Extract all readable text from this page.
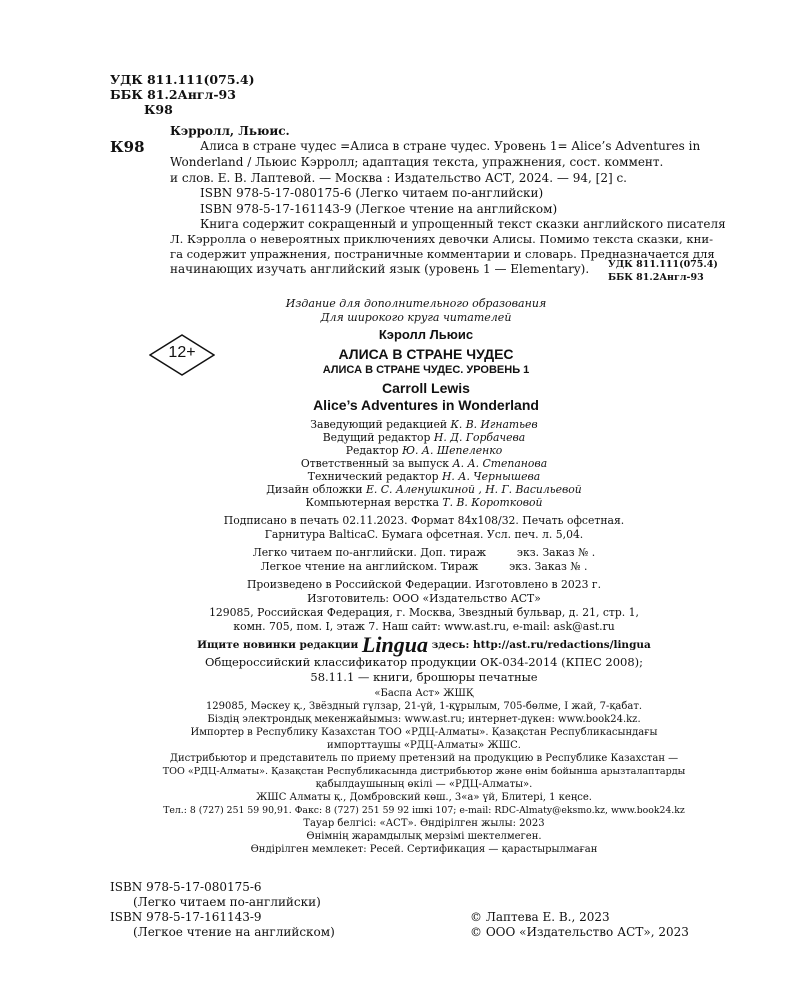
УДК 811.111(075.4)
ББК 81.2Англ-93
К98
К98
Кэрролл, Льюис.
Алиса в стране чудес =Алиса в стране чудес. Уровень 1= Alice’s Adventures in
Wonderland / Льюис Кэрролл; адаптация текста, упражнения, сост. коммент.
и слов. Е. В. Лаптевой. — Москва : Издательство АСТ, 2024. — 94, [2] с.
ISBN 978-5-17-080175-6 (Легко читаем по-английски)
ISBN 978-5-17-161143-9 (Легкое чтение на английском)
Книга содержит сокращенный и упрощенный текст сказки английского писателя
Л. Кэрролла о невероятных приключениях девочки Алисы. Помимо текста сказки, кни-
га содержит упражнения, постраничные комментарии и словарь. Предназначается для
начинающих изучать английский язык (уровень 1 — Elementary). УДК 811.111(075.4)
ББК 81.2Англ-93
Издание для дополнительного образования
Для широкого круга читателей
12+
Кэролл Льюис
АЛИСА В СТРАНЕ ЧУДЕС
АЛИСА В СТРАНЕ ЧУДЕС. УРОВЕНЬ 1
Carroll Lewis
Alice’s Adventures in Wonderland
Заведующий редакцией К. В. Игнатьев
Ведущий редактор Н. Д. Горбачева
Редактор Ю. А. Шепеленко
Ответственный за выпуск А. А. Степанова
Технический редактор Н. А. Чернышева
Дизайн обложки Е. С. Аленушкиной , Н. Г. Васильевой
Компьютерная верстка Т. В. Коротковой
Подписано в печать 02.11.2023. Формат 84х108/32. Печать офсетная.
Гарнитура BalticaC. Бумага офсетная. Усл. печ. л. 5,04.
Легко читаем по-английски. Доп. тираж         экз. Заказ № .
Легкое чтение на английском. Тираж         экз. Заказ № .
Произведено в Российской Федерации. Изготовлено в 2023 г.
Изготовитель: ООО «Издательство АСТ»
129085, Российская Федерация, г. Москва, Звездный бульвар, д. 21, стр. 1,
комн. 705, пом. I, этаж 7. Наш сайт: www.ast.ru, e-mail: ask@ast.ru
Ищите новинки редакции Lingua здесь: http://ast.ru/redactions/lingua
Общероссийский классификатор продукции ОК-034-2014 (КПЕС 2008);
58.11.1 — книги, брошюры печатные
«Баспа Аст» ЖШҚ
129085, Мәскеу қ., Звёздный гүлзар, 21-үй, 1-құрылым, 705-бөлме, I жай, 7-қабат.
Біздің электрондық мекенжайымыз: www.ast.ru; интернет-дүкен: www.book24.kz.
Импортер в Республику Казахстан ТОО «РДЦ-Алматы». Қазақстан Республикасындағы
импорттаушы «РДЦ-Алматы» ЖШС.
Дистрибьютор и представитель по приему претензий на продукцию в Республике Казахстан —
ТОО «РДЦ-Алматы». Қазақстан Республикасында дистрибьютор және өнім бойынша арызталаптарды
қабылдаушының өкілі — «РДЦ-Алматы».
ЖШС Алматы қ., Домбровский көш., 3«а» үй, Блитері, 1 кеңсе.
Тел.: 8 (727) 251 59 90,91. Факс: 8 (727) 251 59 92 ішкі 107; e-mail: RDC-Almaty@eksmo.kz, www.book24.kz
Тауар белгісі: «АСТ». Өндірілген жылы: 2023
Өнімнің жарамдылық мерзімі шектелмеген.
Өндірілген мемлекет: Ресей. Сертификация — қарастырылмаған
ISBN 978-5-17-080175-6
(Легко читаем по-английски)
ISBN 978-5-17-161143-9
(Легкое чтение на английском)
© Лаптева Е. В., 2023
© ООО «Издательство АСТ», 2023
